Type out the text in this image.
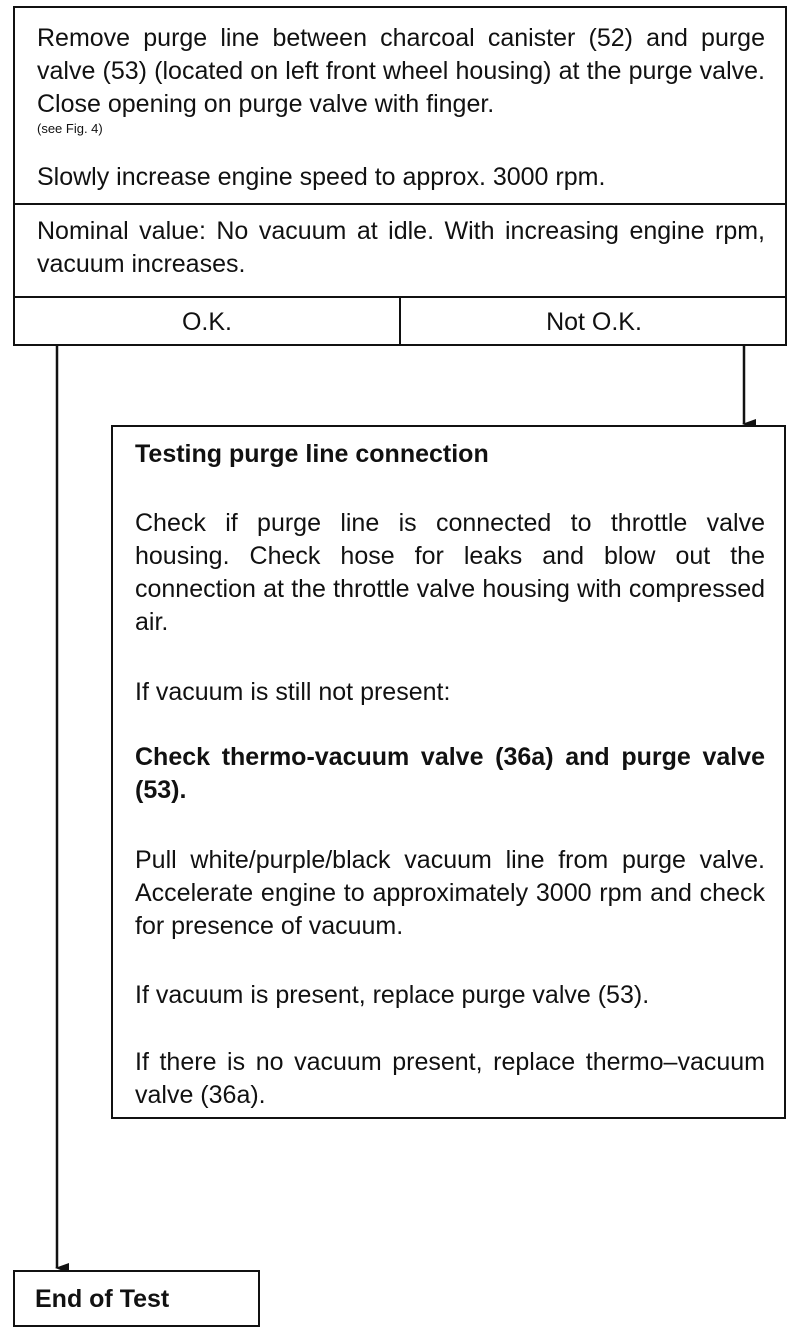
Remove purge line between charcoal canister (52) and purge valve (53) (located on left front wheel housing) at the purge valve. Close opening on purge valve with finger.
(see Fig. 4)
Slowly increase engine speed to approx. 3000 rpm.
Nominal value: No vacuum at idle. With increasing engine rpm, vacuum increases.
O.K.	Not O.K.
Testing purge line connection
Check if purge line is connected to throttle valve housing. Check hose for leaks and blow out the connection at the throttle valve housing with compressed air.
If vacuum is still not present:
Check thermo-vacuum valve (36a) and purge valve (53).
Pull white/purple/black vacuum line from purge valve. Accelerate engine to approximately 3000 rpm and check for presence of vacuum.
If vacuum is present, replace purge valve (53).
If there is no vacuum present, replace thermo–vacuum valve (36a).
End of Test
